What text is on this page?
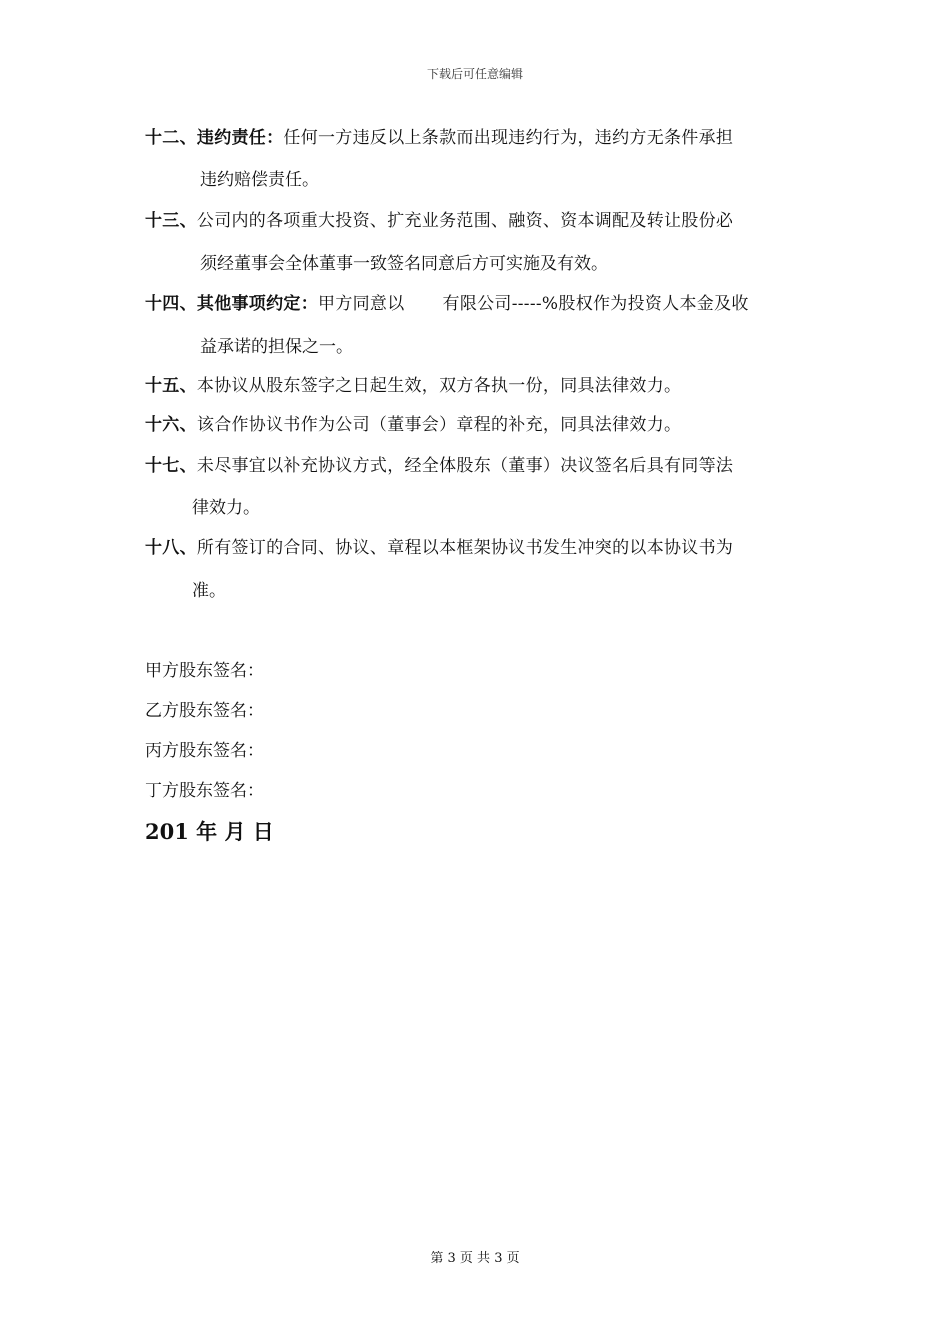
下载后可任意编辑
十二、违约责任：任何一方违反以上条款而出现违约行为，违约方无条件承担
违约赔偿责任。
十三、公司内的各项重大投资、扩充业务范围、融资、资本调配及转让股份必
须经董事会全体董事一致签名同意后方可实施及有效。
十四、其他事项约定：甲方同意以 有限公司-----%股权作为投资人本金及收
益承诺的担保之一。
十五、本协议从股东签字之日起生效，双方各执一份，同具法律效力。
十六、该合作协议书作为公司（董事会）章程的补充，同具法律效力。
十七、未尽事宜以补充协议方式，经全体股东（董事）决议签名后具有同等法
律效力。
十八、所有签订的合同、协议、章程以本框架协议书发生冲突的以本协议书为
准。
甲方股东签名：
乙方股东签名：
丙方股东签名：
丁方股东签名：
201 年 月 日
第 3 页 共 3 页
